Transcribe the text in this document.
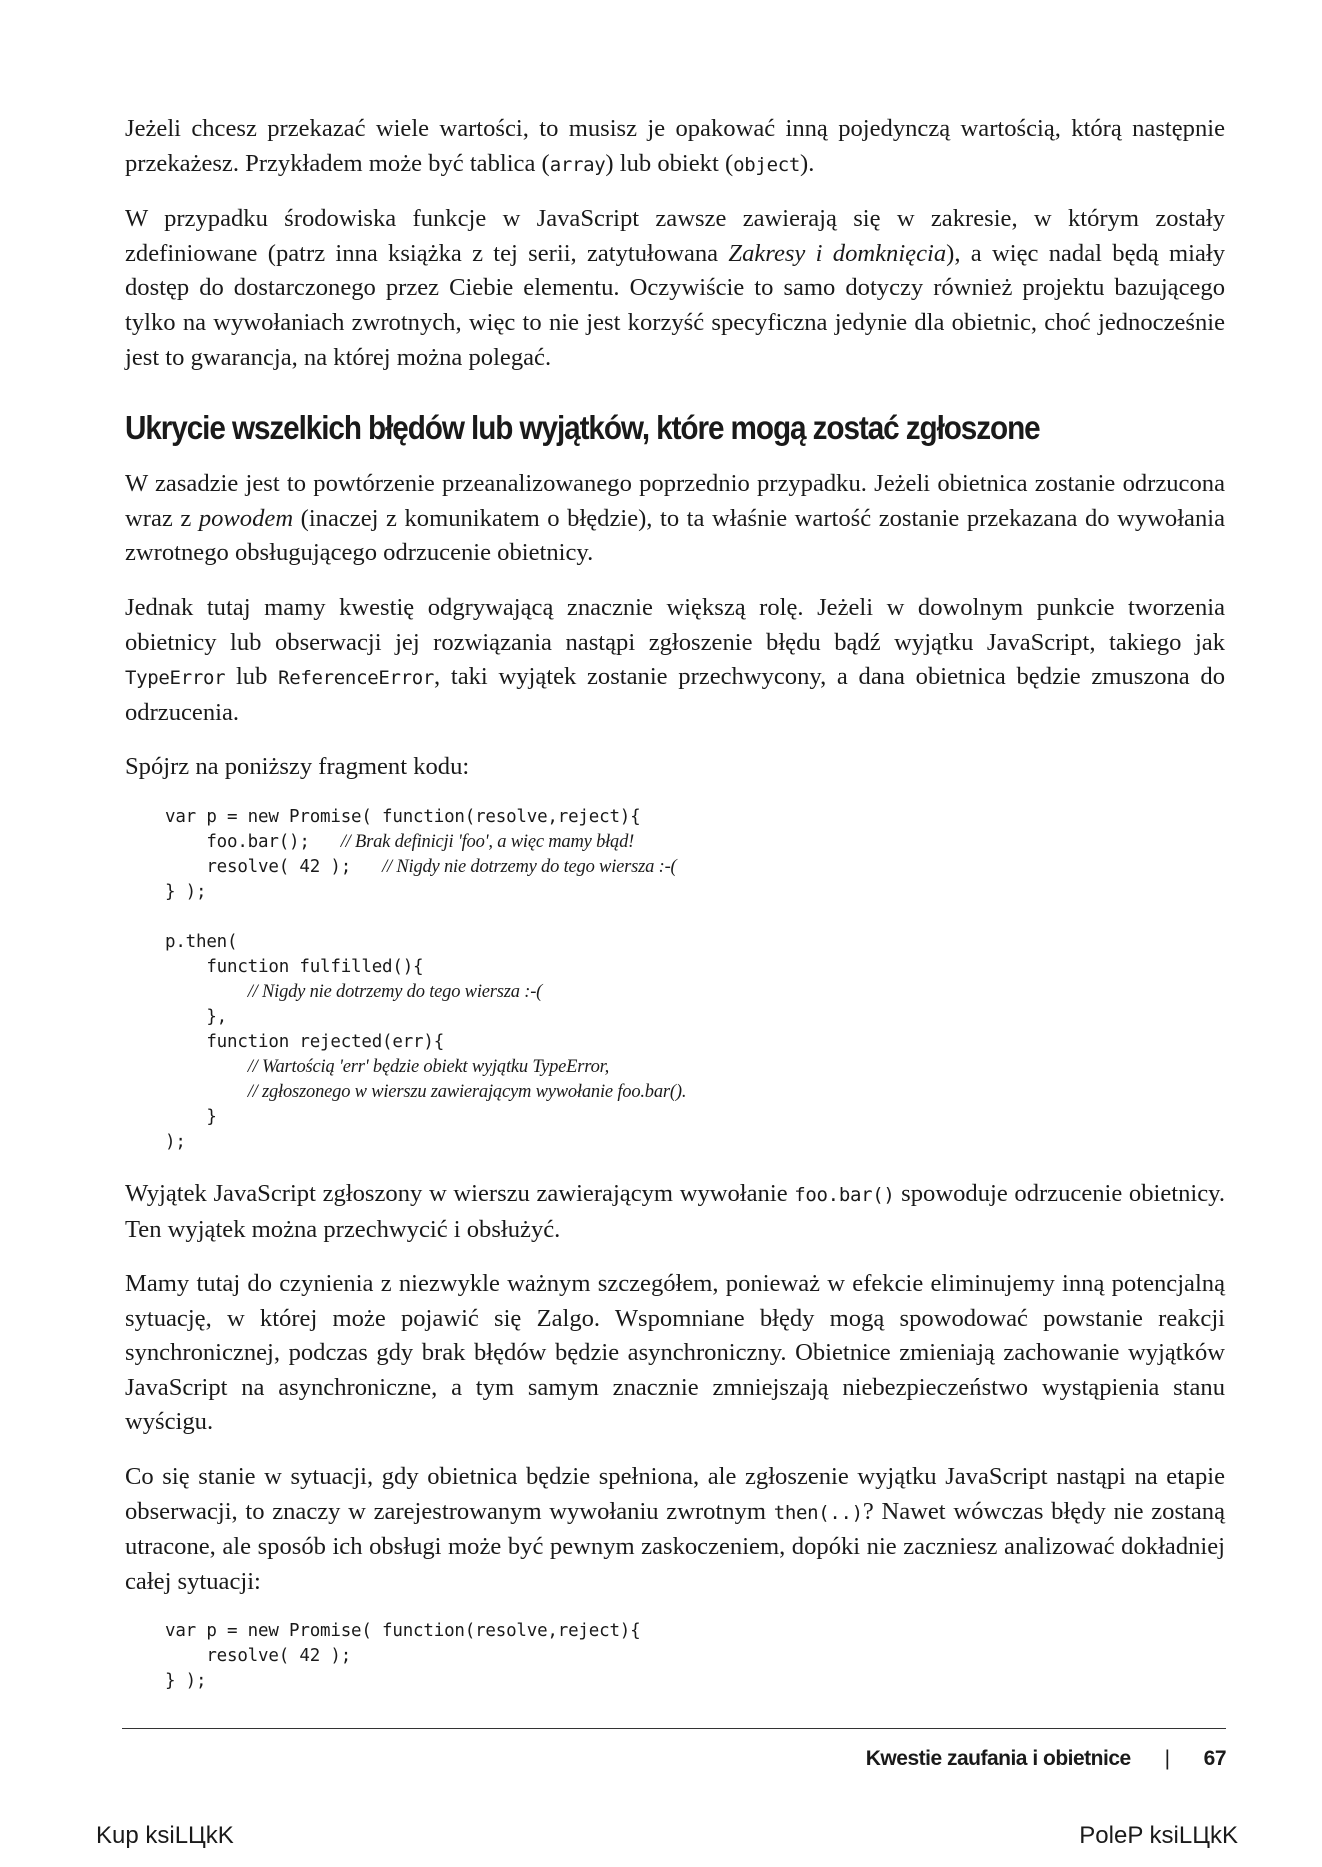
Jeżeli chcesz przekazać wiele wartości, to musisz je opakować inną pojedynczą wartością, którą następnie przekażesz. Przykładem może być tablica (array) lub obiekt (object).

W przypadku środowiska funkcje w JavaScript zawsze zawierają się w zakresie, w którym zostały zdefiniowane (patrz inna książka z tej serii, zatytułowana Zakresy i domknięcia), a więc nadal będą miały dostęp do dostarczonego przez Ciebie elementu. Oczywiście to samo dotyczy również projektu bazującego tylko na wywołaniach zwrotnych, więc to nie jest korzyść specyficzna jedynie dla obietnic, choć jednocześnie jest to gwarancja, na której można polegać.

Ukrycie wszelkich błędów lub wyjątków, które mogą zostać zgłoszone

W zasadzie jest to powtórzenie przeanalizowanego poprzednio przypadku. Jeżeli obietnica zostanie odrzucona wraz z powodem (inaczej z komunikatem o błędzie), to ta właśnie wartość zostanie przekazana do wywołania zwrotnego obsługującego odrzucenie obietnicy.

Jednak tutaj mamy kwestię odgrywającą znacznie większą rolę. Jeżeli w dowolnym punkcie tworzenia obietnicy lub obserwacji jej rozwiązania nastąpi zgłoszenie błędu bądź wyjątku JavaScript, takiego jak TypeError lub ReferenceError, taki wyjątek zostanie przechwycony, a dana obietnica będzie zmuszona do odrzucenia.

Spójrz na poniższy fragment kodu:

var p = new Promise( function(resolve,reject){
foo.bar();   // Brak definicji 'foo', a więc mamy błąd!
resolve( 42 );   // Nigdy nie dotrzemy do tego wiersza :-(
} );

p.then(
function fulfilled(){
// Nigdy nie dotrzemy do tego wiersza :-(
},
function rejected(err){
// Wartością 'err' będzie obiekt wyjątku TypeError,
// zgłoszonego w wierszu zawierającym wywołanie foo.bar().
}
);

Wyjątek JavaScript zgłoszony w wierszu zawierającym wywołanie foo.bar() spowoduje odrzucenie obietnicy. Ten wyjątek można przechwycić i obsłużyć.

Mamy tutaj do czynienia z niezwykle ważnym szczegółem, ponieważ w efekcie eliminujemy inną potencjalną sytuację, w której może pojawić się Zalgo. Wspomniane błędy mogą spowodować powstanie reakcji synchronicznej, podczas gdy brak błędów będzie asynchroniczny. Obietnice zmieniają zachowanie wyjątków JavaScript na asynchroniczne, a tym samym znacznie zmniejszają niebezpieczeństwo wystąpienia stanu wyścigu.

Co się stanie w sytuacji, gdy obietnica będzie spełniona, ale zgłoszenie wyjątku JavaScript nastąpi na etapie obserwacji, to znaczy w zarejestrowanym wywołaniu zwrotnym then(..)? Nawet wówczas błędy nie zostaną utracone, ale sposób ich obsługi może być pewnym zaskoczeniem, dopóki nie zaczniesz analizować dokładniej całej sytuacji:

var p = new Promise( function(resolve,reject){
resolve( 42 );
} );
Kwestie zaufania i obietnice | 67
Kup ksiLЦkK	PoleP ksiLЦkK
